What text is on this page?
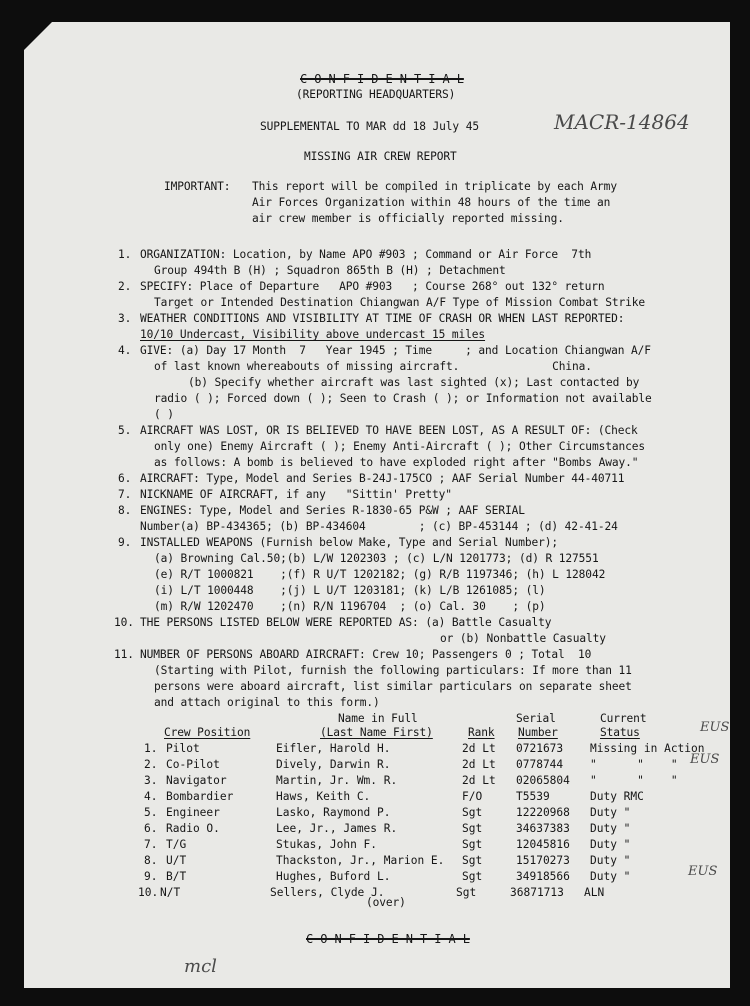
C O N F I D E N T I A L
(REPORTING HEADQUARTERS)
SUPPLEMENTAL TO MAR dd 18 July 45	MACR-14864
MISSING AIR CREW REPORT
IMPORTANT: This report will be compiled in triplicate by each Army
Air Forces Organization within 48 hours of the time an
air crew member is officially reported missing.
1. ORGANIZATION: Location, by Name APO #903 ; Command or Air Force  7th
Group 494th B (H) ; Squadron 865th B (H) ; Detachment
2. SPECIFY: Place of Departure   APO #903   ; Course 268° out 132° return
Target or Intended Destination Chiangwan A/F Type of Mission Combat Strike
3. WEATHER CONDITIONS AND VISIBILITY AT TIME OF CRASH OR WHEN LAST REPORTED:
10/10 Undercast, Visibility above undercast 15 miles
4. GIVE: (a) Day 17 Month  7   Year 1945 ; Time     ; and Location Chiangwan A/F
of last known whereabouts of missing aircraft.              China.
(b) Specify whether aircraft was last sighted (x); Last contacted by
radio ( ); Forced down ( ); Seen to Crash ( ); or Information not available
( )
5. AIRCRAFT WAS LOST, OR IS BELIEVED TO HAVE BEEN LOST, AS A RESULT OF: (Check
only one) Enemy Aircraft ( ); Enemy Anti-Aircraft ( ); Other Circumstances
as follows: A bomb is believed to have exploded right after "Bombs Away."
6. AIRCRAFT: Type, Model and Series B-24J-175CO ; AAF Serial Number 44-40711
7. NICKNAME OF AIRCRAFT, if any   "Sittin' Pretty"
8. ENGINES: Type, Model and Series R-1830-65 P&W ; AAF SERIAL
Number(a) BP-434365; (b) BP-434604        ; (c) BP-453144 ; (d) 42-41-24
9. INSTALLED WEAPONS (Furnish below Make, Type and Serial Number);
(a) Browning Cal.50;(b) L/W 1202303 ; (c) L/N 1201773; (d) R 127551
(e) R/T 1000821    ;(f) R U/T 1202182; (g) R/B 1197346; (h) L 128042
(i) L/T 1000448    ;(j) L U/T 1203181; (k) L/B 1261085; (l)
(m) R/W 1202470    ;(n) R/N 1196704  ; (o) Cal. 30    ; (p)
10. THE PERSONS LISTED BELOW WERE REPORTED AS: (a) Battle Casualty
or (b) Nonbattle Casualty
11. NUMBER OF PERSONS ABOARD AIRCRAFT: Crew 10; Passengers 0 ; Total  10
(Starting with Pilot, furnish the following particulars: If more than 11
persons were aboard aircraft, list similar particulars on separate sheet
and attach original to this form.)
Name in Full	Serial	Current
Crew Position	(Last Name First)	Rank Number	Status
1. Pilot	Eifler, Harold H.	2d Lt 0721673 Missing in Action
2. Co-Pilot	Dively, Darwin R.	2d Lt 0778744 "      "    "
3. Navigator	Martin, Jr. Wm. R.	2d Lt 02065804 "      "    "
4. Bombardier	Haws, Keith C.	F/O	T5539	Duty RMC
5. Engineer	Lasko, Raymond P.	Sgt	12220968 Duty "
6. Radio O.	Lee, Jr., James R.	Sgt	34637383 Duty "
7. T/G	Stukas, John F.	Sgt	12045816 Duty "
8. U/T	Thackston, Jr., Marion E. Sgt	15170273 Duty "
9. B/T	Hughes, Buford L.	Sgt	34918566 Duty "
10. N/T	Sellers, Clyde J.	Sgt	36871713 ALN
EUS
EUS
EUS
(over)
C O N F I D E N T I A L
mcl
